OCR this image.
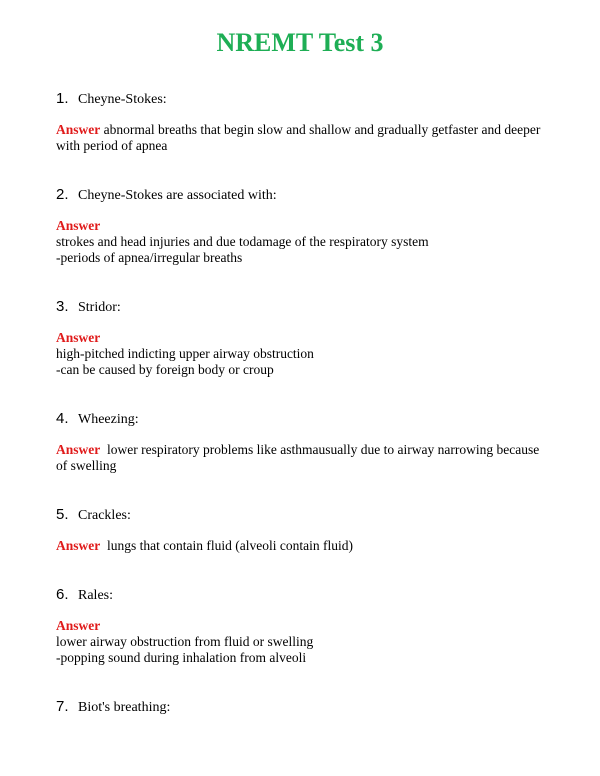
NREMT Test 3
1. Cheyne-Stokes:
Answer abnormal breaths that begin slow and shallow and gradually getfaster and deeper
with period of apnea
2. Cheyne-Stokes are associated with:
Answer
strokes and head injuries and due todamage of the respiratory system
-periods of apnea/irregular breaths
3. Stridor:
Answer
high-pitched indicting upper airway obstruction
-can be caused by foreign body or croup
4. Wheezing:
Answer lower respiratory problems like asthmausually due to airway narrowing because
of swelling
5. Crackles:
Answer lungs that contain fluid (alveoli contain fluid)
6. Rales:
Answer
lower airway obstruction from fluid or swelling
-popping sound during inhalation from alveoli
7. Biot's breathing:
